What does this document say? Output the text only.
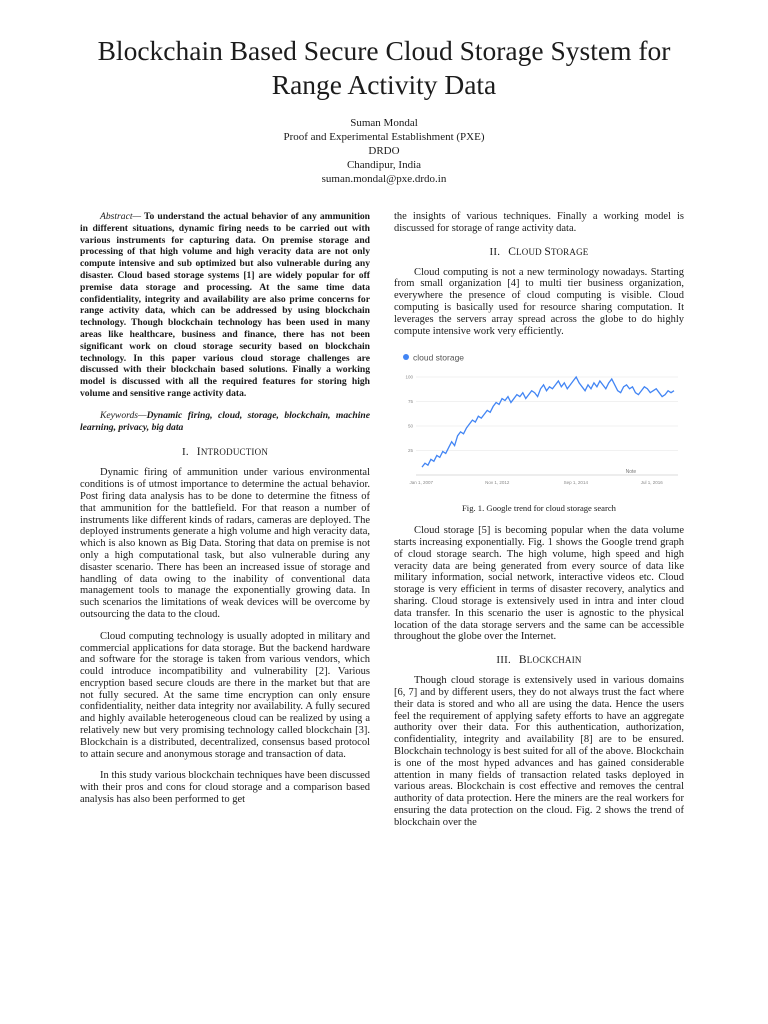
Blockchain Based Secure Cloud Storage System for
Range Activity Data
Suman Mondal
Proof and Experimental Establishment (PXE)
DRDO
Chandipur, India
suman.mondal@pxe.drdo.in

Abstract— To understand the actual behavior of any ammunition in different situations, dynamic firing needs to be carried out with various instruments for capturing data. On premise storage and processing of that high volume and high veracity data are not only compute intensive and sub optimized but also vulnerable during any disaster. Cloud based storage systems [1] are widely popular for off premise data storage and processing. At the same time data confidentiality, integrity and availability are also prime concerns for range activity data, which can be addressed by using blockchain technology. Though blockchain technology has been used in many areas like healthcare, business and finance, there has not been significant work on cloud storage security based on blockchain technology. In this paper various cloud storage challenges are discussed with their blockchain based solutions. Finally a working model is discussed with all the required features for storing high volume and sensitive range activity data.

Keywords—Dynamic firing, cloud, storage, blockchain, machine learning, privacy, big data

I. INTRODUCTION

Dynamic firing of ammunition under various environmental conditions is of utmost importance to determine the actual behavior. Post firing data analysis has to be done to determine the fitness of that ammunition for the battlefield. For that reason a number of instruments like different kinds of radars, cameras are deployed. The deployed instruments generate a high volume and high veracity data, which is also known as Big Data. Storing that data on premise is not only a high computational task, but also vulnerable during any disaster scenario. There has been an increased issue of storage and handling of data owing to the inability of conventional data management tools to manage the exponentially growing data. In such scenarios the limitations of weak devices will be overcome by outsourcing the data to the cloud.

Cloud computing technology is usually adopted in military and commercial applications for data storage. But the backend hardware and software for the storage is taken from various vendors, which could introduce incompatibility and vulnerability [2]. Various encryption based secure clouds are there in the market but that are not fully secured. At the same time encryption can only ensure confidentiality, neither data integrity nor availability. A fully secured and highly available heterogeneous cloud can be realized by using a relatively new but very promising technology called blockchain [3]. Blockchain is a distributed, decentralized, consensus based protocol to attain secure and anonymous storage and transaction of data.

In this study various blockchain techniques have been discussed with their pros and cons for cloud storage and a comparison based analysis has also been performed to get

the insights of various techniques. Finally a working model is discussed for storage of range activity data.

II. CLOUD STORAGE

Cloud computing is not a new terminology nowadays. Starting from small organization [4] to multi tier business organization, everywhere the presence of cloud computing is visible. Cloud computing is basically used for resource sharing computation. It leverages the servers array spread across the globe to do highly compute intensive work very efficiently.

cloud storage
100
75
50
25
Jan 1, 2007	Nov 1, 2012	Sep 1, 2014	Jul 1, 2016
Note

Fig. 1. Google trend for cloud storage search

Cloud storage [5] is becoming popular when the data volume starts increasing exponentially. Fig. 1 shows the Google trend graph of cloud storage search. The high volume, high speed and high veracity data are being generated from every source of data like military information, social network, interactive videos etc. Cloud storage is very efficient in terms of disaster recovery, analytics and sharing. Cloud storage is extensively used in intra and inter cloud data transfer. In this scenario the user is agnostic to the physical location of the data storage servers and the same can be accessible throughout the globe over the Internet.

III. BLOCKCHAIN

Though cloud storage is extensively used in various domains [6, 7] and by different users, they do not always trust the fact where their data is stored and who all are using the data. Hence the users feel the requirement of applying safety efforts to have an aggregate authority over their data. For this authentication, authorization, confidentiality, integrity and availability [8] are to be ensured. Blockchain technology is best suited for all of the above. Blockchain is one of the most hyped advances and has gained considerable attention in many fields of transaction related tasks deployed in various areas. Blockchain is cost effective and removes the central authority of data protection. Here the miners are the real workers for ensuring the data protection on the cloud. Fig. 2 shows the trend of blockchain over the
